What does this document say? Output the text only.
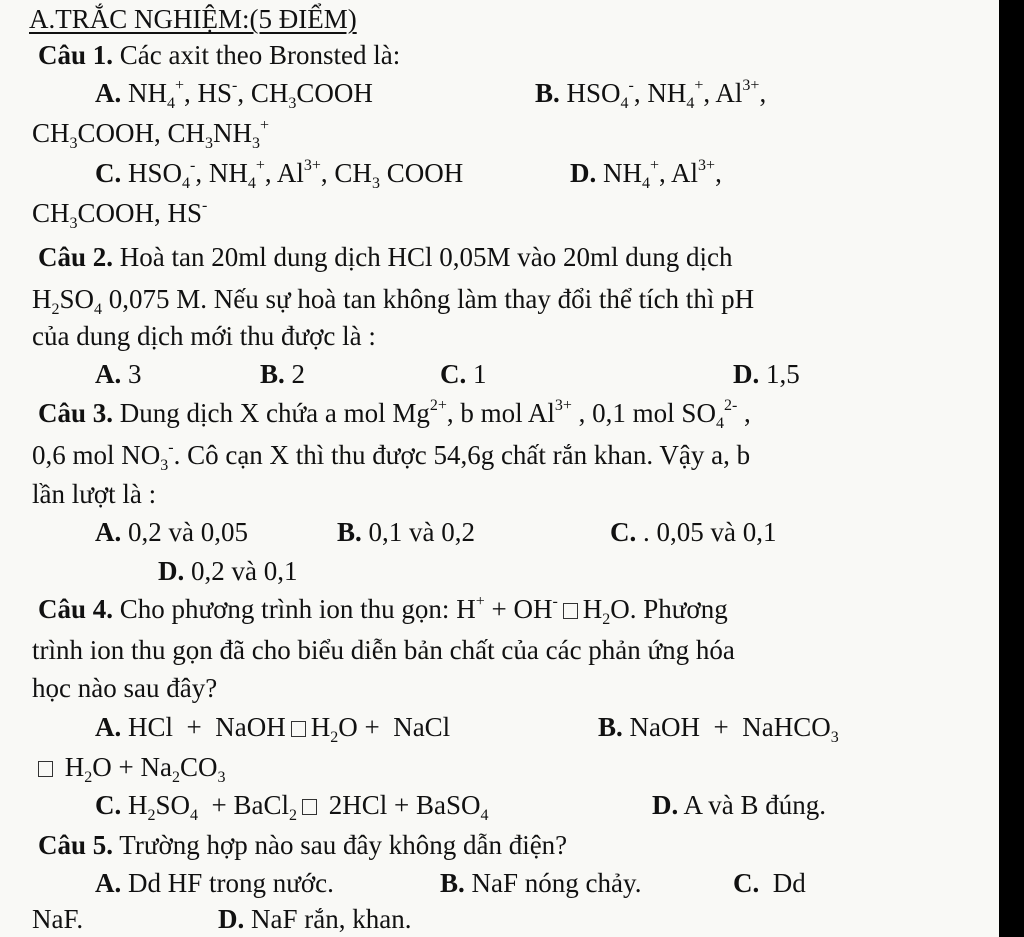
A.TRẮC NGHIỆM:(5 ĐIỂM)
Câu 1. Các axit theo Bronsted là:
A. $NH_4^+$, HS-, $CH_3COOH$	B. $HSO_4^-$, $NH_4^+$, $Al^{3+}$,
$CH_3COOH$, $CH_3NH_3^+$
C. $HSO_4^-$, $NH_4^+$, $Al^{3+}$, $CH_3$ COOH	D. $NH_4^+$, $Al^{3+}$,
$CH_3COOH$, HS-
Câu 2. Hoà tan 20ml dung dịch HCl 0,05M vào 20ml dung dịch
$H_2SO_4$ 0,075 M. Nếu sự hoà tan không làm thay đổi thể tích thì pH
của dung dịch mới thu được là :
A. 3	B. 2	C. 1	D. 1,5
Câu 3. Dung dịch X chứa a mol $Mg^{2+}$, b mol $Al^{3+}$ , 0,1 mol $SO_4^{2-}$ ,
0,6 mol $NO_3^-$. Cô cạn X thì thu được 54,6g chất rắn khan. Vậy a, b
lần lượt là :
A. 0,2 và 0,05	B. 0,1 và 0,2	C. . 0,05 và 0,1
D. 0,2 và 0,1
Câu 4. Cho phương trình ion thu gọn: H+ + OH- $H_2O$. Phương
trình ion thu gọn đã cho biểu diễn bản chất của các phản ứng hóa
học nào sau đây?
A. HCl  +  NaOH $H_2O$ +  NaCl	B. NaOH  +  NaHCO$_3$
$H_2O + Na_2CO_3$
C. $H_2SO_4$  + BaCl$_2$ 2HCl + BaSO$_4$	D. A và B đúng.
Câu 5. Trường hợp nào sau đây không dẫn điện?
A. Dd HF trong nước.	B. NaF nóng chảy.	C. Dd
NaF.	D. NaF rắn, khan.
